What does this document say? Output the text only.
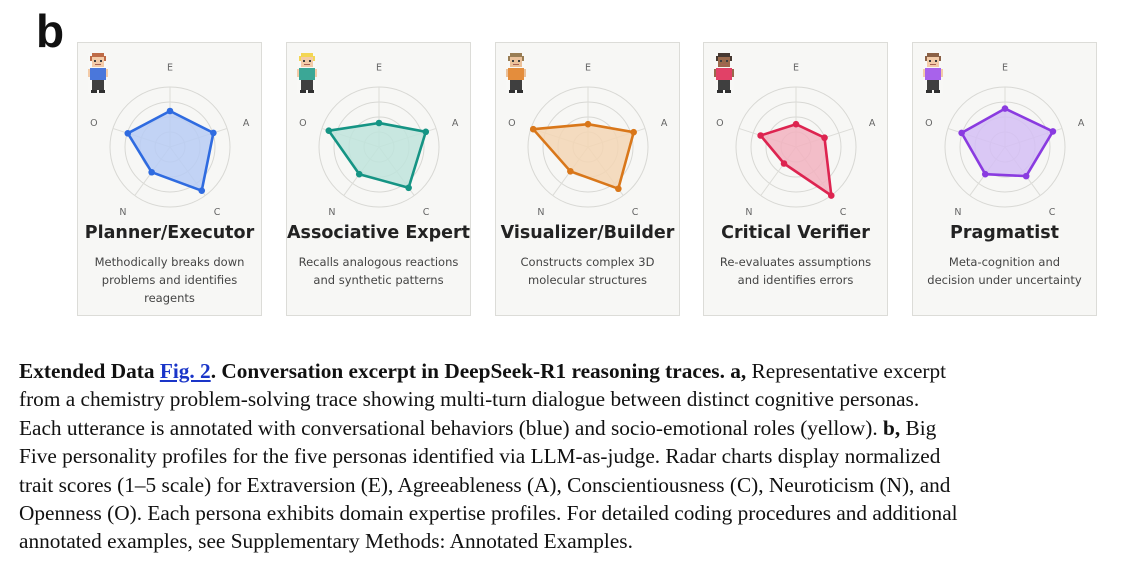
b
E
A
C
N
O
Planner/Executor
Methodically breaks down
problems and identifies
reagents
E
A
C
N
O
Associative Expert
Recalls analogous reactions
and synthetic patterns
E
A
C
N
O
Visualizer/Builder
Constructs complex 3D
molecular structures
E
A
C
N
O
Critical Verifier
Re-evaluates assumptions
and identifies errors
E
A
C
N
O
Pragmatist
Meta-cognition and
decision under uncertainty
Extended Data Fig. 2. Conversation excerpt in DeepSeek-R1 reasoning traces. a, Representative excerpt
from a chemistry problem-solving trace showing multi-turn dialogue between distinct cognitive personas.
Each utterance is annotated with conversational behaviors (blue) and socio-emotional roles (yellow). b, Big
Five personality profiles for the five personas identified via LLM-as-judge. Radar charts display normalized
trait scores (1–5 scale) for Extraversion (E), Agreeableness (A), Conscientiousness (C), Neuroticism (N), and
Openness (O). Each persona exhibits domain expertise profiles. For detailed coding procedures and additional
annotated examples, see Supplementary Methods: Annotated Examples.
